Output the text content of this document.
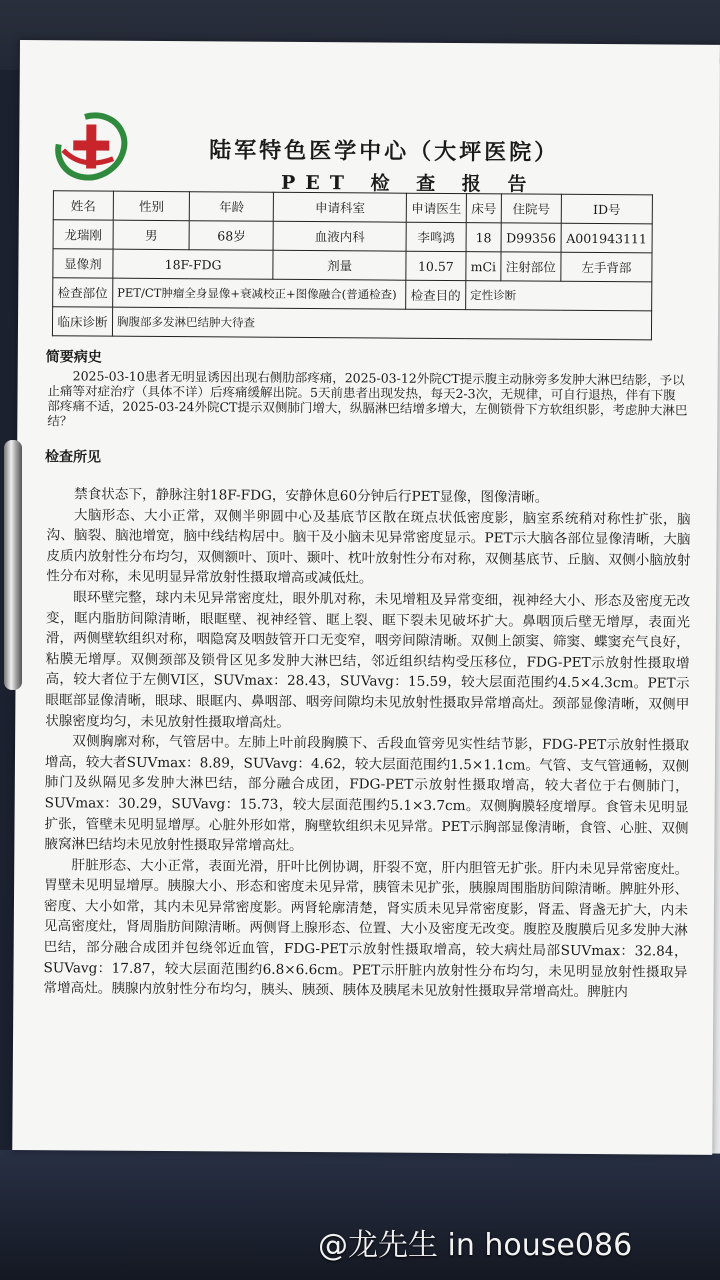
陆军特色医学中心（大坪医院）
PET 检 查 报 告
姓名	性别	年龄	申请科室	申请医生	床号	住院号	ID号
龙瑞刚	男	68岁	血液内科	李鸣鸿	18	D99356	A001943111
显像剂	18F-FDG		剂量	10.57	mCi	注射部位	左手背部
检查部位	PET/CT肿瘤全身显像+衰减校正+图像融合(普通检查)			检查目的	定性诊断		
临床诊断	胸腹部多发淋巴结肿大待查						
简要病史
2025-03-10患者无明显诱因出现右侧肋部疼痛，2025-03-12外院CT提示腹主动脉旁多发肿大淋巴结影，予以止痛等对症治疗（具体不详）后疼痛缓解出院。5天前患者出现发热，每天2-3次，无规律，可自行退热，伴有下腹部疼痛不适，2025-03-24外院CT提示双侧肺门增大，纵膈淋巴结增多增大，左侧锁骨下方软组织影，考虑肿大淋巴结？
检查所见

禁食状态下，静脉注射18F-FDG，安静休息60分钟后行PET显像，图像清晰。

大脑形态、大小正常，双侧半卵圆中心及基底节区散在斑点状低密度影，脑室系统稍对称性扩张，脑沟、脑裂、脑池增宽，脑中线结构居中。脑干及小脑未见异常密度显示。PET示大脑各部位显像清晰，大脑皮质内放射性分布均匀，双侧额叶、顶叶、颞叶、枕叶放射性分布对称，双侧基底节、丘脑、双侧小脑放射性分布对称，未见明显异常放射性摄取增高或减低灶。

眼环壁完整，球内未见异常密度灶，眼外肌对称，未见增粗及异常变细，视神经大小、形态及密度无改变，眶内脂肪间隙清晰，眼眶壁、视神经管、眶上裂、眶下裂未见破坏扩大。鼻咽顶后壁无增厚，表面光滑，两侧壁软组织对称，咽隐窝及咽鼓管开口无变窄，咽旁间隙清晰。双侧上颌窦、筛窦、蝶窦充气良好，粘膜无增厚。双侧颈部及锁骨区见多发肿大淋巴结，邻近组织结构受压移位，FDG-PET示放射性摄取增高，较大者位于左侧VI区，SUVmax：28.43，SUVavg：15.59，较大层面范围约4.5×4.3cm。PET示眼眶部显像清晰，眼球、眼眶内、鼻咽部、咽旁间隙均未见放射性摄取异常增高灶。颈部显像清晰，双侧甲状腺密度均匀，未见放射性摄取增高灶。

双侧胸廓对称，气管居中。左肺上叶前段胸膜下、舌段血管旁见实性结节影，FDG-PET示放射性摄取增高，较大者SUVmax：8.89，SUVavg：4.62，较大层面范围约1.5×1.1cm。气管、支气管通畅，双侧肺门及纵隔见多发肿大淋巴结，部分融合成团，FDG-PET示放射性摄取增高，较大者位于右侧肺门，SUVmax：30.29，SUVavg：15.73，较大层面范围约5.1×3.7cm。双侧胸膜轻度增厚。食管未见明显扩张，管壁未见明显增厚。心脏外形如常，胸壁软组织未见异常。PET示胸部显像清晰，食管、心脏、双侧腋窝淋巴结均未见放射性摄取异常增高灶。

肝脏形态、大小正常，表面光滑，肝叶比例协调，肝裂不宽，肝内胆管无扩张。肝内未见异常密度灶。胃壁未见明显增厚。胰腺大小、形态和密度未见异常，胰管未见扩张，胰腺周围脂肪间隙清晰。脾脏外形、密度、大小如常，其内未见异常密度影。两肾轮廓清楚，肾实质未见异常密度影，肾盂、肾盏无扩大，内未见高密度灶，肾周脂肪间隙清晰。两侧肾上腺形态、位置、大小及密度无改变。腹腔及腹膜后见多发肿大淋巴结，部分融合成团并包绕邻近血管，FDG-PET示放射性摄取增高，较大病灶局部SUVmax：32.84，SUVavg：17.87，较大层面范围约6.8×6.6cm。PET示肝脏内放射性分布均匀，未见明显放射性摄取异常增高灶。胰腺内放射性分布均匀，胰头、胰颈、胰体及胰尾未见放射性摄取异常增高灶。脾脏内

@龙先生 in house086
